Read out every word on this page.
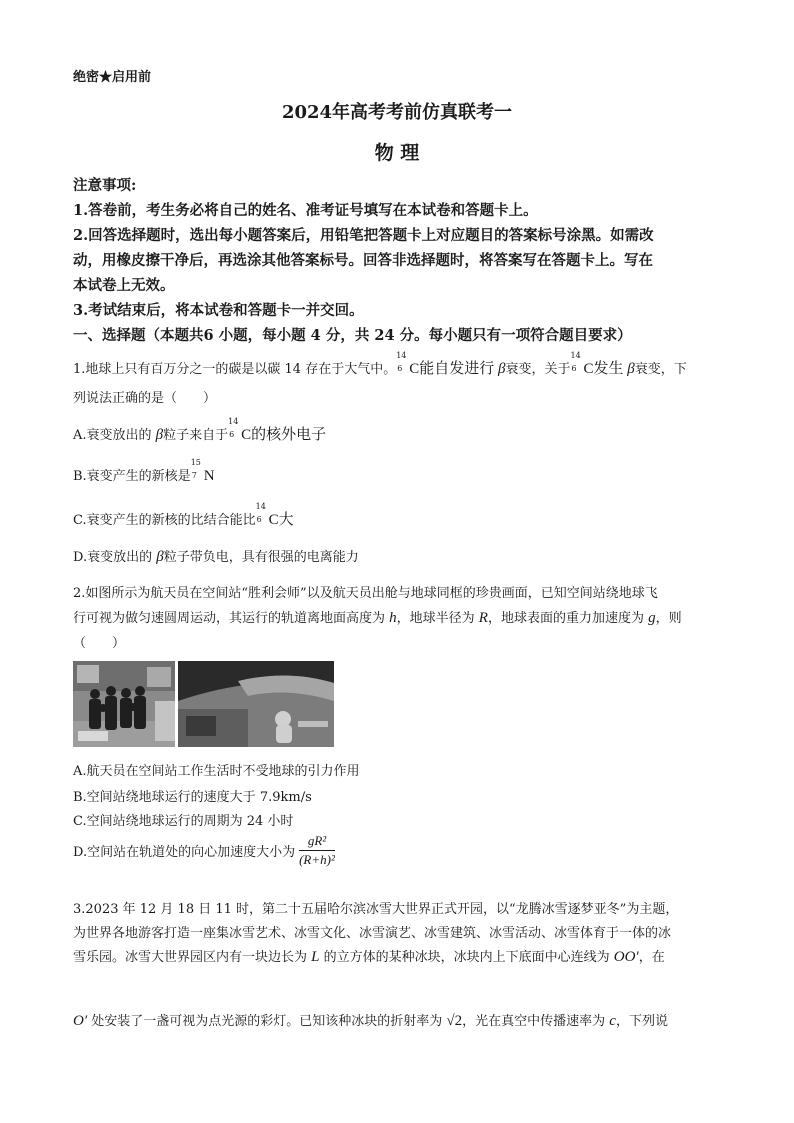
绝密★启用前
2024年高考考前仿真联考一
物 理
注意事项:
1.答卷前，考生务必将自己的姓名、准考证号填写在本试卷和答题卡上。
2.回答选择题时，选出每小题答案后，用铅笔把答题卡上对应题目的答案标号涂黑。如需改
动，用橡皮擦干净后，再选涂其他答案标号。回答非选择题时，将答案写在答题卡上。写在
本试卷上无效。
3.考试结束后，将本试卷和答题卡一并交回。
一、选择题（本题共6 小题，每小题 4 分，共 24 分。每小题只有一项符合题目要求）
1.地球上只有百万分之一的碳是以碳 14 存在于大气中。
14
6 C能自发进行 β衰变，关于
14
6 C发生 β衰变，下
列说法正确的是（　　）
A.衰变放出的 β粒子来自于
14
6 C的核外电子
B.衰变产生的新核是
15
7 N
C.衰变产生的新核的比结合能比
14
6 C大
D.衰变放出的 β粒子带负电，具有很强的电离能力
2.如图所示为航天员在空间站“胜利会师”以及航天员出舱与地球同框的珍贵画面，已知空间站绕地球飞
行可视为做匀速圆周运动，其运行的轨道离地面高度为 h，地球半径为 R，地球表面的重力加速度为 g，则
（　　）
A.航天员在空间站工作生活时不受地球的引力作用
B.空间站绕地球运行的速度大于 7.9km/s
C.空间站绕地球运行的周期为 24 小时
D.空间站在轨道处的向心加速度大小为 $\frac{\text{gR²}}{\text{(R+h)²}}$
3.2023 年 12 月 18 日 11 时，第二十五届哈尔滨冰雪大世界正式开园，以“龙腾冰雪逐梦亚冬”为主题，
为世界各地游客打造一座集冰雪艺术、冰雪文化、冰雪演艺、冰雪建筑、冰雪活动、冰雪体育于一体的冰
雪乐园。冰雪大世界园区内有一块边长为 L 的立方体的某种冰块，冰块内上下底面中心连线为 OO′，在
O′ 处安装了一盏可视为点光源的彩灯。已知该种冰块的折射率为 √2，光在真空中传播速率为 c，下列说
